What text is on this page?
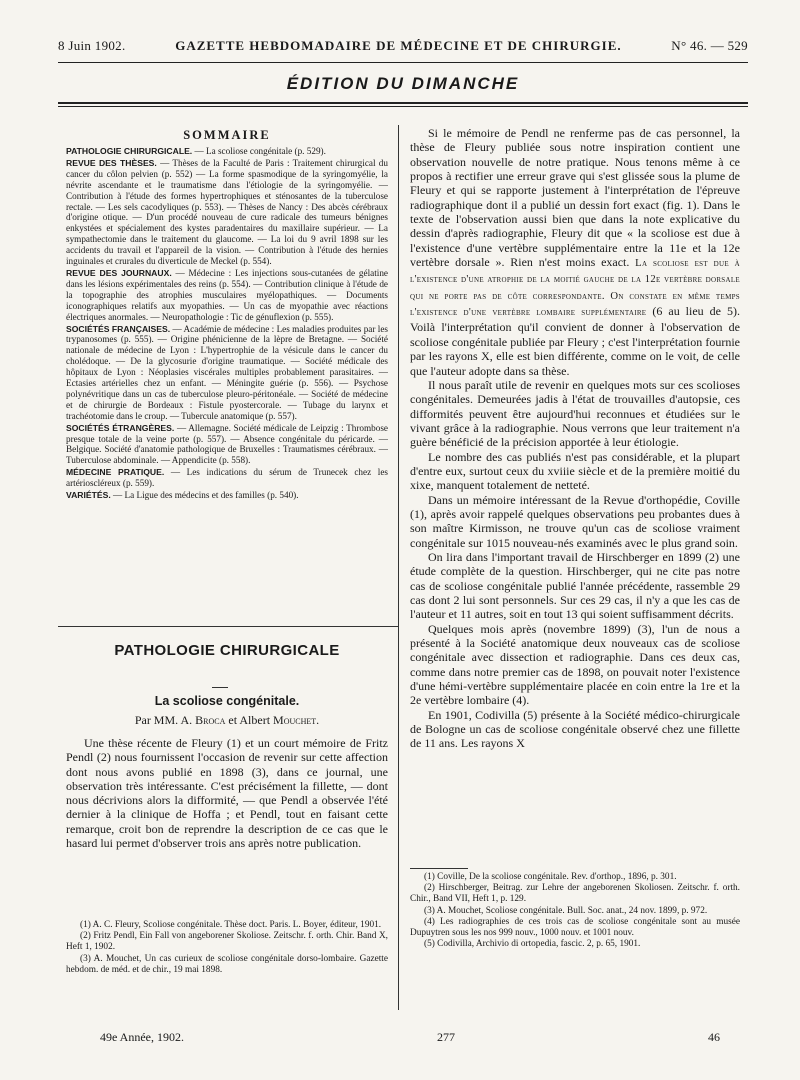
8 Juin 1902.	GAZETTE HEBDOMADAIRE DE MÉDECINE ET DE CHIRURGIE.	N° 46. — 529
ÉDITION DU DIMANCHE
SOMMAIRE

PATHOLOGIE CHIRURGICALE. — La scoliose congénitale (p. 529).

REVUE DES THÈSES. — Thèses de la Faculté de Paris : Traitement chirurgical du cancer du côlon pelvien (p. 552) — La forme spasmodique de la syringomyélie, la névrite ascendante et le traumatisme dans l'étiologie de la syringomyélie. — Contribution à l'étude des formes hypertrophiques et sténosantes de la tuberculose rectale. — Les sels cacodyliques (p. 553). — Thèses de Nancy : Des abcès cérébraux d'origine otique. — D'un procédé nouveau de cure radicale des tumeurs bénignes enkystées et spécialement des kystes paradentaires du maxillaire supérieur. — La sympathectomie dans le traitement du glaucome. — La loi du 9 avril 1898 sur les accidents du travail et l'appareil de la vision. — Contribution à l'étude des hernies inguinales et crurales du diverticule de Meckel (p. 554).

REVUE DES JOURNAUX. — Médecine : Les injections sous-cutanées de gélatine dans les lésions expérimentales des reins (p. 554). — Contribution clinique à l'étude de la topographie des atrophies musculaires myélopathiques. — Documents iconographiques relatifs aux myopathies. — Un cas de myopathie avec réactions électriques anormales. — Neuropathologie : Tic de génuflexion (p. 555).

SOCIÉTÉS FRANÇAISES. — Académie de médecine : Les maladies produites par les trypanosomes (p. 555). — Origine phénicienne de la lèpre de Bretagne. — Société nationale de médecine de Lyon : L'hypertrophie de la vésicule dans le cancer du cholédoque. — De la glycosurie d'origine traumatique. — Société médicale des hôpitaux de Lyon : Néoplasies viscérales multiples probablement parasitaires. — Ectasies artérielles chez un enfant. — Méningite guérie (p. 556). — Psychose polynévritique dans un cas de tuberculose pleuro-péritonéale. — Société de médecine et de chirurgie de Bordeaux : Fistule pyostercorale. — Tubage du larynx et trachéotomie dans le croup. — Tubercule anatomique (p. 557).

SOCIÉTÉS ÉTRANGÈRES. — Allemagne. Société médicale de Leipzig : Thrombose presque totale de la veine porte (p. 557). — Absence congénitale du péricarde. — Belgique. Société d'anatomie pathologique de Bruxelles : Traumatismes cérébraux. — Tuberculose abdominale. — Appendicite (p. 558).

MÉDECINE PRATIQUE. — Les indications du sérum de Trunecek chez les artérioscléreux (p. 559).

VARIÉTÉS. — La Ligue des médecins et des familles (p. 540).

PATHOLOGIE CHIRURGICALE
La scoliose congénitale.
Par MM. A. Broca et Albert Mouchet.

Une thèse récente de Fleury (1) et un court mémoire de Fritz Pendl (2) nous fournissent l'occasion de revenir sur cette affection dont nous avons publié en 1898 (3), dans ce journal, une observation très intéressante. C'est précisément la fillette, — dont nous décrivions alors la difformité, — que Pendl a observée l'été dernier à la clinique de Hoffa ; et Pendl, tout en faisant cette remarque, croit bon de reprendre la description de ce cas que le hasard lui permet d'observer trois ans après notre publication.

(1) A. C. Fleury, Scoliose congénitale. Thèse doct. Paris. L. Boyer, éditeur, 1901.

(2) Fritz Pendl, Ein Fall von angeborener Skoliose. Zeitschr. f. orth. Chir. Band X, Heft 1, 1902.

(3) A. Mouchet, Un cas curieux de scoliose congénitale dorso-lombaire. Gazette hebdom. de méd. et de chir., 19 mai 1898.

Si le mémoire de Pendl ne renferme pas de cas personnel, la thèse de Fleury publiée sous notre inspiration contient une observation nouvelle de notre pratique. Nous tenons même à ce propos à rectifier une erreur grave qui s'est glissée sous la plume de Fleury et qui se rapporte justement à l'interprétation de l'épreuve radiographique dont il a publié un dessin fort exact (fig. 1). Dans le texte de l'observation aussi bien que dans la note explicative du dessin d'après radiographie, Fleury dit que « la scoliose est due à l'existence d'une vertèbre supplémentaire entre la 11e et la 12e vertèbre dorsale ». Rien n'est moins exact. La scoliose est due à l'existence d'une atrophie de la moitié gauche de la 12e vertèbre dorsale qui ne porte pas de côte correspondante. On constate en même temps l'existence d'une vertèbre lombaire supplémentaire (6 au lieu de 5). Voilà l'interprétation qu'il convient de donner à l'observation de scoliose congénitale publiée par Fleury ; c'est l'interprétation fournie par les rayons X, elle est bien différente, comme on le voit, de celle que l'auteur adopte dans sa thèse.

Il nous paraît utile de revenir en quelques mots sur ces scolioses congénitales. Demeurées jadis à l'état de trouvailles d'autopsie, ces difformités peuvent être aujourd'hui reconnues et étudiées sur le vivant grâce à la radiographie. Nous verrons que leur traitement n'a guère bénéficié de la précision apportée à leur étiologie.

Le nombre des cas publiés n'est pas considérable, et la plupart d'entre eux, surtout ceux du xviiie siècle et de la première moitié du xixe, manquent totalement de netteté.

Dans un mémoire intéressant de la Revue d'orthopédie, Coville (1), après avoir rappelé quelques observations peu probantes dues à son maître Kirmisson, ne trouve qu'un cas de scoliose vraiment congénitale sur 1015 nouveau-nés examinés avec le plus grand soin.

On lira dans l'important travail de Hirschberger en 1899 (2) une étude complète de la question. Hirschberger, qui ne cite pas notre cas de scoliose congénitale publié l'année précédente, rassemble 29 cas dont 2 lui sont personnels. Sur ces 29 cas, il n'y a que les cas de l'auteur et 11 autres, soit en tout 13 qui soient suffisamment décrits.

Quelques mois après (novembre 1899) (3), l'un de nous a présenté à la Société anatomique deux nouveaux cas de scoliose congénitale avec dissection et radiographie. Dans ces deux cas, comme dans notre premier cas de 1898, on pouvait noter l'existence d'une hémi-vertèbre supplémentaire placée en coin entre la 1re et la 2e vertèbre lombaire (4).

En 1901, Codivilla (5) présente à la Société médico-chirurgicale de Bologne un cas de scoliose congénitale observé chez une fillette de 11 ans. Les rayons X

(1) Coville, De la scoliose congénitale. Rev. d'orthop., 1896, p. 301.

(2) Hirschberger, Beitrag. zur Lehre der angeborenen Skoliosen. Zeitschr. f. orth. Chir., Band VII, Heft 1, p. 129.

(3) A. Mouchet, Scoliose congénitale. Bull. Soc. anat., 24 nov. 1899, p. 972.

(4) Les radiographies de ces trois cas de scoliose congénitale sont au musée Dupuytren sous les nos 999 nouv., 1000 nouv. et 1001 nouv.

(5) Codivilla, Archivio di ortopedia, fascic. 2, p. 65, 1901.

49e Année, 1902.	277	46
